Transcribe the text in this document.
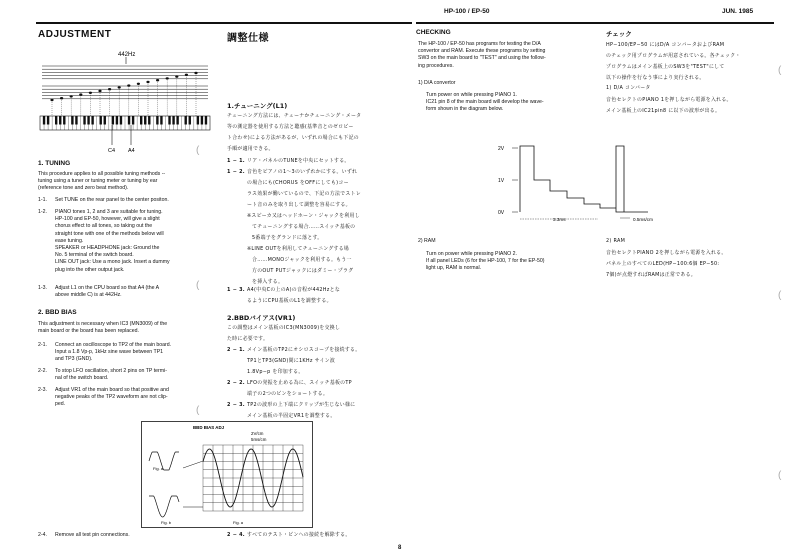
HP-100 / EP-50	JUN. 1985
ADJUSTMENT
442Hz
C4 A4
1. TUNING
This procedure applies to all possible tuning methods --
tuning using a tuner or tuning meter or tuning by ear
(reference tone and zero beat method).
1-1. Set TUNE on the rear panel to the center positon.
1-2. PIANO tones 1, 2 and 3 are suitable for tuning.
HP-100 and EP-50, however, will give a slight
chorus effect to all tones, so taking out the
straight tone with one of the methods below will
ease tuning.
SPEAKER or HEADPHONE jack: Ground the
No. 5 terminal of the switch board.
LINE OUT jack: Use a mono jack. Insert a dummy
plug into the other output jack.
1-3. Adjust L1 on the CPU board so that A4 (the A
above middle C) is at 442Hz.
2. BBD BIAS
This adjustment is necessary when IC3 (MN3009) of the
main board or the board has been replaced.
2-1. Connect an oscilloscope to TP2 of the main board.
Input a 1.8 Vp-p, 1kHz sine wave between TP1
and TP3 (GND).
2-2. To stop LFO oscillation, short 2 pins on TP termi-
nal of the switch board.
2-3. Adjust VR1 of the main board so that positive and
negative peaks of the TP2 waveform are not clip-
ped.
2-4. Remove all test pin connections.
調整仕様
1.チューニング(L1)
チューニング方法には、チューナかチューニング・メータ
等の測定器を使用する方法と聴感(基準音とのゼロビー
ト合わせ)による方法があるが、いずれの場合にも下記の
手順が適用できる。
1 − 1. リア・パネルのTUNEを中央にセットする。
1 − 2. 音色をピアノの1〜3のいずれかにする。いずれ
の場合にも(CHORUS をOFFにしても)コー
ラス効果が働いているので、下記の方法でストレ
ート音のみを取り出して調整を容易にする。
※スピーカ又はヘッドホーン・ジャックを利用し
てチューニングする場合……スイッチ基板の
5番端子をグランドに落とす。
※LINE OUTを利用してチューニングする場
合……MONOジャックを利用する。もう一
方のOUT PUTジャックにはダミー・プラグ
を挿入する。
1 − 3. A4(中央Cの上のA)の音程が442Hzとな
るようにCPU基板のL1を調整する。
2.BBDバイアス(VR1)
この調整はメイン基板のIC3(MN3009)を交換し
た時に必要です。
2 − 1. メイン基板のTP2にオシロスコープを接続する。
TP1とTP3(GND)間に1KHz サイン波
1.8Vp−p を印加する。
2 − 2. LFOの発振を止める為に、スイッチ基板のTP
端子の2つのピンをショートする。
2 − 3. TP2の波形の上下端にクリップが生じない様に
メイン基板の半固定VR1を調整する。
2 − 4. すべてのテスト・ピンへの接続を解除する。
BBD BIAS ADJ
2V/cm
5ms/cm
Fig. a
Fig. b	Fig. a
CHECKING
The HP-100 / EP-50 has programs for testing the D/A
convertor and RAM. Execute these programs by setting
SW3 on the main board to "TEST" and using the follow-
ing procedures.
1) D/A convertor
Turn power on while pressing PIANO 1.
IC21 pin 8 of the main board will develop the wave-
form shown in the diagram below.
2V
1V
0V
3.3ms	0.5ms/cm
2) RAM
Turn on power while pressing PIANO 2.
If all panel LEDs (6 for the HP-100, 7 for the EP-50)
light up, RAM is normal.
チェック
HP−100/EP−50 にはD/A コンバータおよびRAM
のチェック用プログラムが用意されている。各チェック・
プログラムはメイン基板上のSW3を"TEST"にして
以下の操作を行なう事により実行される。
1) D/A コンバータ
音色セレクトのPIANO 1を押しながら電源を入れる。
メイン基板上のIC21pin8 に以下の波形が出る。
2) RAM
音色セレクトPIANO 2を押しながら電源を入れる。
パネル上のすべてのLED(HP−100:6個 EP−50:
7個)が点燈すればRAMは正常である。
8
(
(
(
(
(
(
